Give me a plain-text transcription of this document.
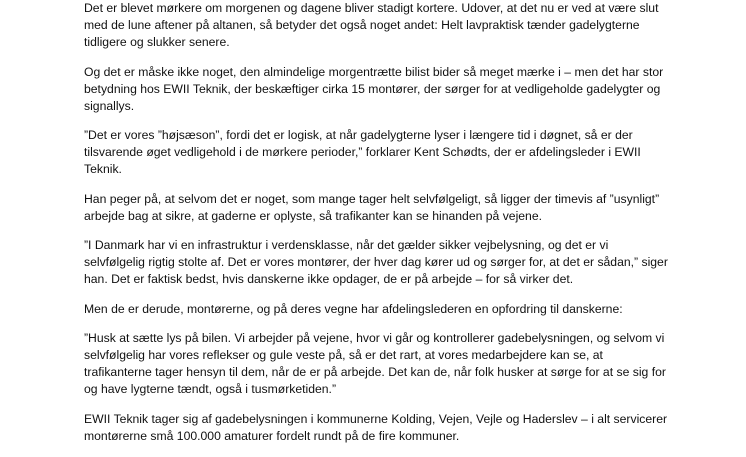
Det er blevet mørkere om morgenen og dagene bliver stadigt kortere. Udover, at det nu er ved at være slut
med de lune aftener på altanen, så betyder det også noget andet: Helt lavpraktisk tænder gadelygterne
tidligere og slukker senere.

Og det er måske ikke noget, den almindelige morgentrætte bilist bider så meget mærke i – men det har stor
betydning hos EWII Teknik, der beskæftiger cirka 15 montører, der sørger for at vedligeholde gadelygter og
signallys.

”Det er vores ”højsæson”, fordi det er logisk, at når gadelygterne lyser i længere tid i døgnet, så er der
tilsvarende øget vedligehold i de mørkere perioder,” forklarer Kent Schødts, der er afdelingsleder i EWII
Teknik.

Han peger på, at selvom det er noget, som mange tager helt selvfølgeligt, så ligger der timevis af ”usynligt”
arbejde bag at sikre, at gaderne er oplyste, så trafikanter kan se hinanden på vejene.

”I Danmark har vi en infrastruktur i verdensklasse, når det gælder sikker vejbelysning, og det er vi
selvfølgelig rigtig stolte af. Det er vores montører, der hver dag kører ud og sørger for, at det er sådan,” siger
han. Det er faktisk bedst, hvis danskerne ikke opdager, de er på arbejde – for så virker det.

Men de er derude, montørerne, og på deres vegne har afdelingslederen en opfordring til danskerne:

”Husk at sætte lys på bilen. Vi arbejder på vejene, hvor vi går og kontrollerer gadebelysningen, og selvom vi
selvfølgelig har vores reflekser og gule veste på, så er det rart, at vores medarbejdere kan se, at
trafikanterne tager hensyn til dem, når de er på arbejde. Det kan de, når folk husker at sørge for at se sig for
og have lygterne tændt, også i tusmørketiden.”

EWII Teknik tager sig af gadebelysningen i kommunerne Kolding, Vejen, Vejle og Haderslev – i alt servicerer
montørerne små 100.000 amaturer fordelt rundt på de fire kommuner.
